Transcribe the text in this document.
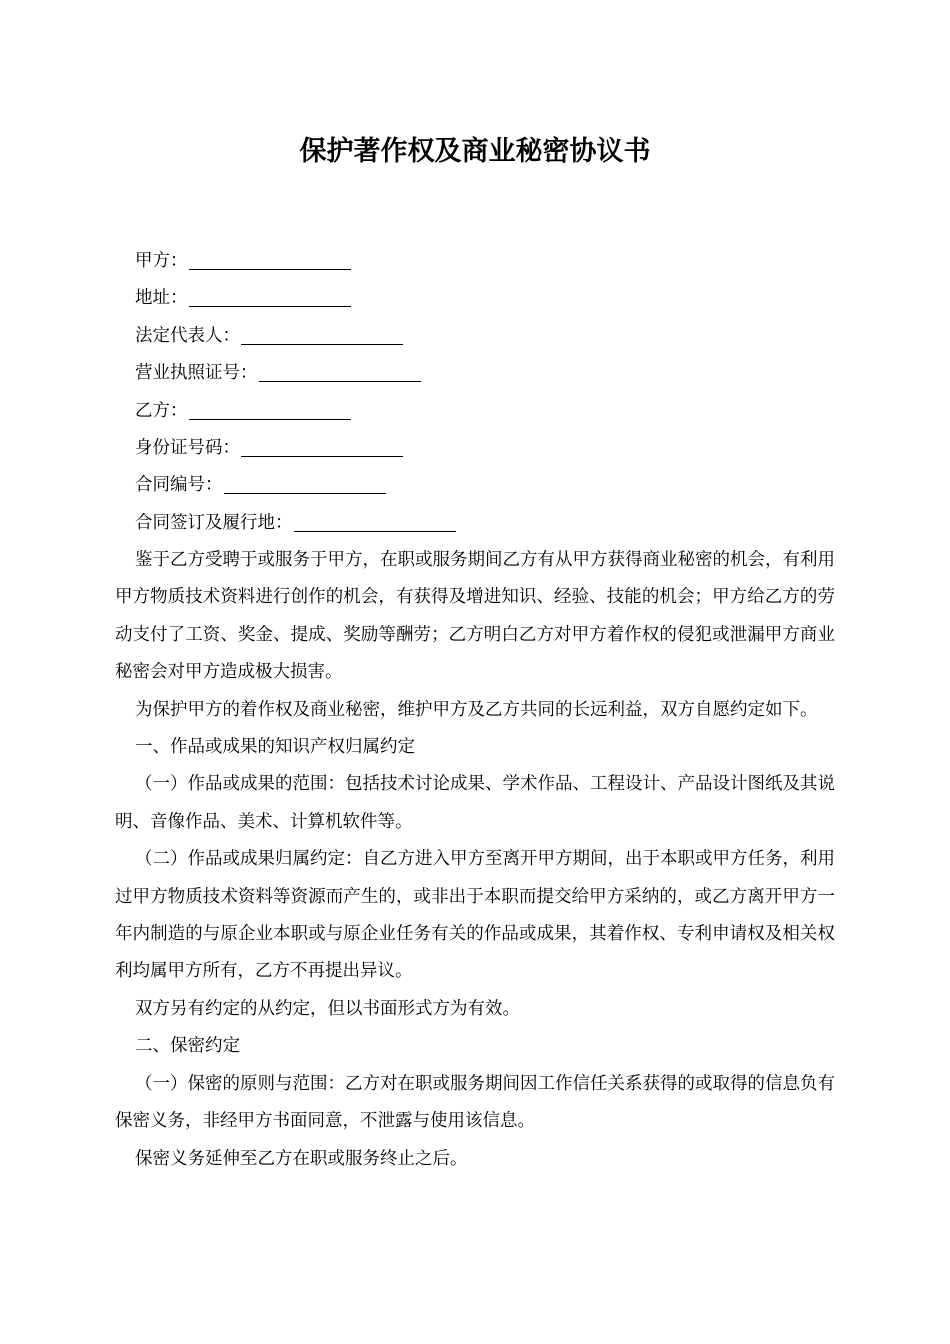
保护著作权及商业秘密协议书
甲方：
地址：
法定代表人：
营业执照证号：
乙方：
身份证号码：
合同编号：
合同签订及履行地：

鉴于乙方受聘于或服务于甲方，在职或服务期间乙方有从甲方获得商业秘密的机会，有利用甲方物质技术资料进行创作的机会，有获得及增进知识、经验、技能的机会；甲方给乙方的劳动支付了工资、奖金、提成、奖励等酬劳；乙方明白乙方对甲方着作权的侵犯或泄漏甲方商业秘密会对甲方造成极大损害。

为保护甲方的着作权及商业秘密，维护甲方及乙方共同的长远利益，双方自愿约定如下。

一、作品或成果的知识产权归属约定

（一）作品或成果的范围：包括技术讨论成果、学术作品、工程设计、产品设计图纸及其说明、音像作品、美术、计算机软件等。

（二）作品或成果归属约定：自乙方进入甲方至离开甲方期间，出于本职或甲方任务，利用过甲方物质技术资料等资源而产生的，或非出于本职而提交给甲方采纳的，或乙方离开甲方一年内制造的与原企业本职或与原企业任务有关的作品或成果，其着作权、专利申请权及相关权利均属甲方所有，乙方不再提出异议。

双方另有约定的从约定，但以书面形式方为有效。

二、保密约定

（一）保密的原则与范围：乙方对在职或服务期间因工作信任关系获得的或取得的信息负有保密义务，非经甲方书面同意，不泄露与使用该信息。

保密义务延伸至乙方在职或服务终止之后。
